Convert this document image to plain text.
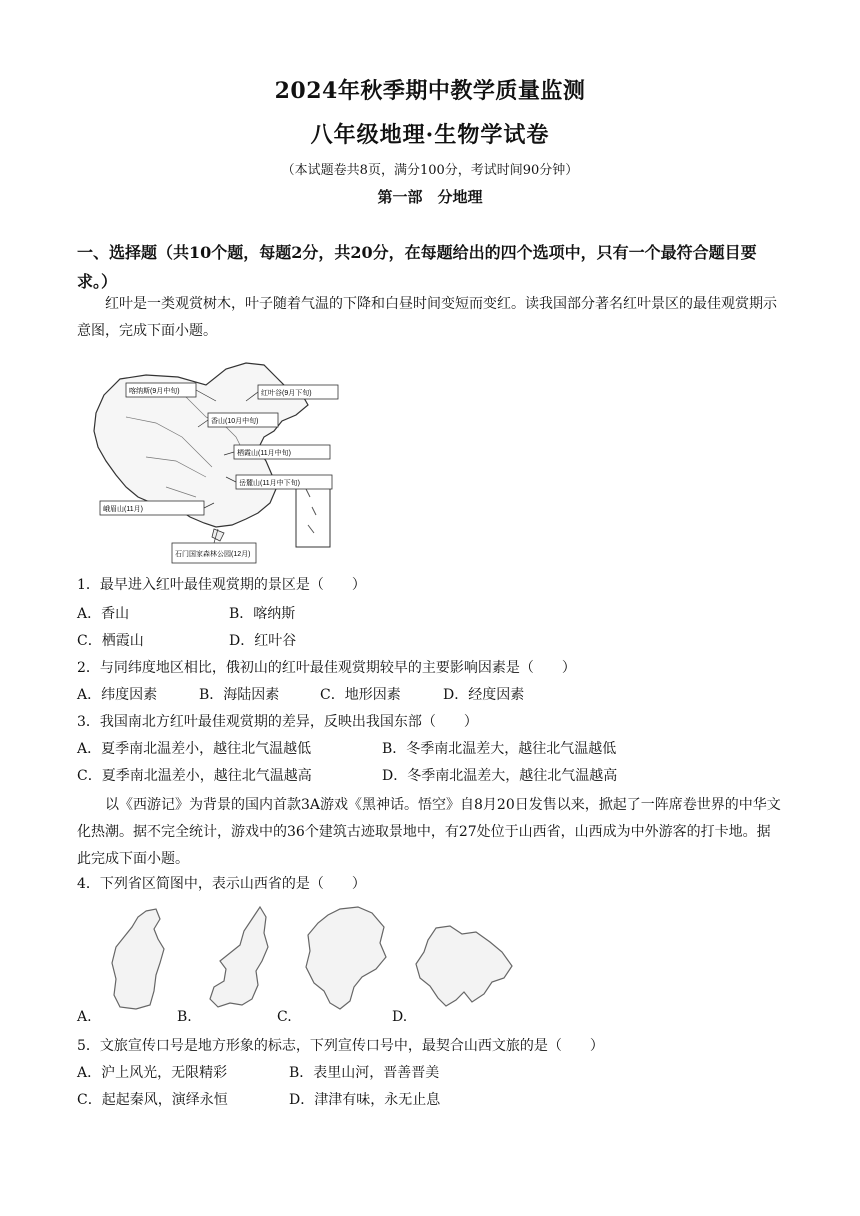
2024年秋季期中教学质量监测
八年级地理·生物学试卷
（本试题卷共8页，满分100分，考试时间90分钟）
第一部　分地理
一、选择题（共10个题，每题2分，共20分，在每题给出的四个选项中，只有一个最符合题目要求。）
红叶是一类观赏树木，叶子随着气温的下降和白昼时间变短而变红。读我国部分著名红叶景区的最佳观赏期示意图，完成下面小题。
喀纳斯(9月中旬)	红叶谷(9月下旬)
香山(10月中旬)
栖霞山(11月中旬)
岳麓山(11月中下旬)
峨眉山(11月)
石门国家森林公园(12月)
1．最早进入红叶最佳观赏期的景区是（　　）
A．香山	B．喀纳斯
C．栖霞山	D．红叶谷
2．与同纬度地区相比，俄初山的红叶最佳观赏期较早的主要影响因素是（　　）
A．纬度因素	B．海陆因素	C．地形因素	D．经度因素
3．我国南北方红叶最佳观赏期的差异，反映出我国东部（　　）
A．夏季南北温差小，越往北气温越低	B．冬季南北温差大，越往北气温越低
C．夏季南北温差小，越往北气温越高	D．冬季南北温差大，越往北气温越高
以《西游记》为背景的国内首款3A游戏《黑神话。悟空》自8月20日发售以来，掀起了一阵席卷世界的中华文化热潮。据不完全统计，游戏中的36个建筑古迹取景地中，有27处位于山西省，山西成为中外游客的打卡地。据此完成下面小题。
4．下列省区简图中，表示山西省的是（　　）
A.	B.	C.	D.
5．文旅宣传口号是地方形象的标志，下列宣传口号中，最契合山西文旅的是（　　）
A．沪上风光，无限精彩	B．表里山河，晋善晋美
C．起起秦风，演绎永恒	D．津津有味，永无止息
